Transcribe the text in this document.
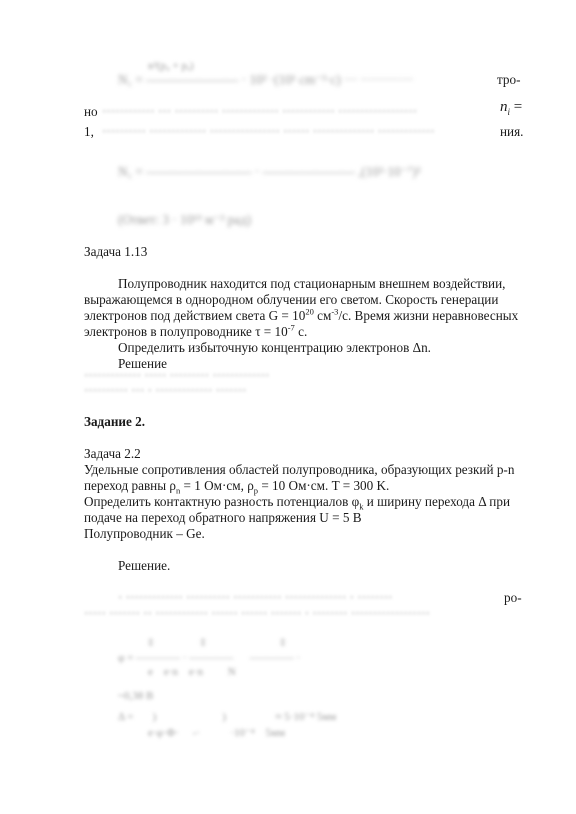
n²(p₀ + pᵧ)
N₁ = ——————— · 10² ·(10¹ cm⁻³·c) ··· ············	тро-
но ············ ··· ·········· ············· ············ ··················	$n_i$ =
1, ·········· ············· ················ ······ ·············· ·············	ния.
N₁ = ———————— · ——————— ,(10²·10⁻⁷)²
(Ответ: 3 · 10¹⁹ м⁻³ рад)
Задача 1.13
Полупроводник находится под стационарным внешнем воздействии,
выражающемся в однородном облучении его светом. Скорость генерации
электронов под действием света $G = 10^{20}$ $см^{-3}/с$. Время жизни неравновесных
электронов в полупроводнике $\tau = 10^{-7}$ с.
Определить избыточную концентрацию электронов Δn.
Решение
············· ····· ········· ·············
·········· ··· · ············· ·······
Задание 2.
Задача 2.2
Удельные сопротивления областей полупроводника, образующих резкий p-n
переход равны $\rho_n = 1$ Ом·см, $\rho_p = 10$ Ом·см. T = 300 K.
Определить контактную разность потенциалов $\varphi_k$ и ширину перехода Δ при
подаче на переход обратного напряжения U = 5 B
Полупроводник – Ge.
Решение.
· ············· ·········· ··········· ·············· · ········	ро-
····· ······· ·· ············ ······ ······ ······· · ········ ··················
‡                 ‡                           ‡
φ = ———— · ————      ———— ·
e    e·n    e·n         N
~0,38 В
Δ =       )                        )                  ≈ 5·10⁻⁴ 5мм
е·φ·Ф·     -·           ·10⁻⁴    5мм
